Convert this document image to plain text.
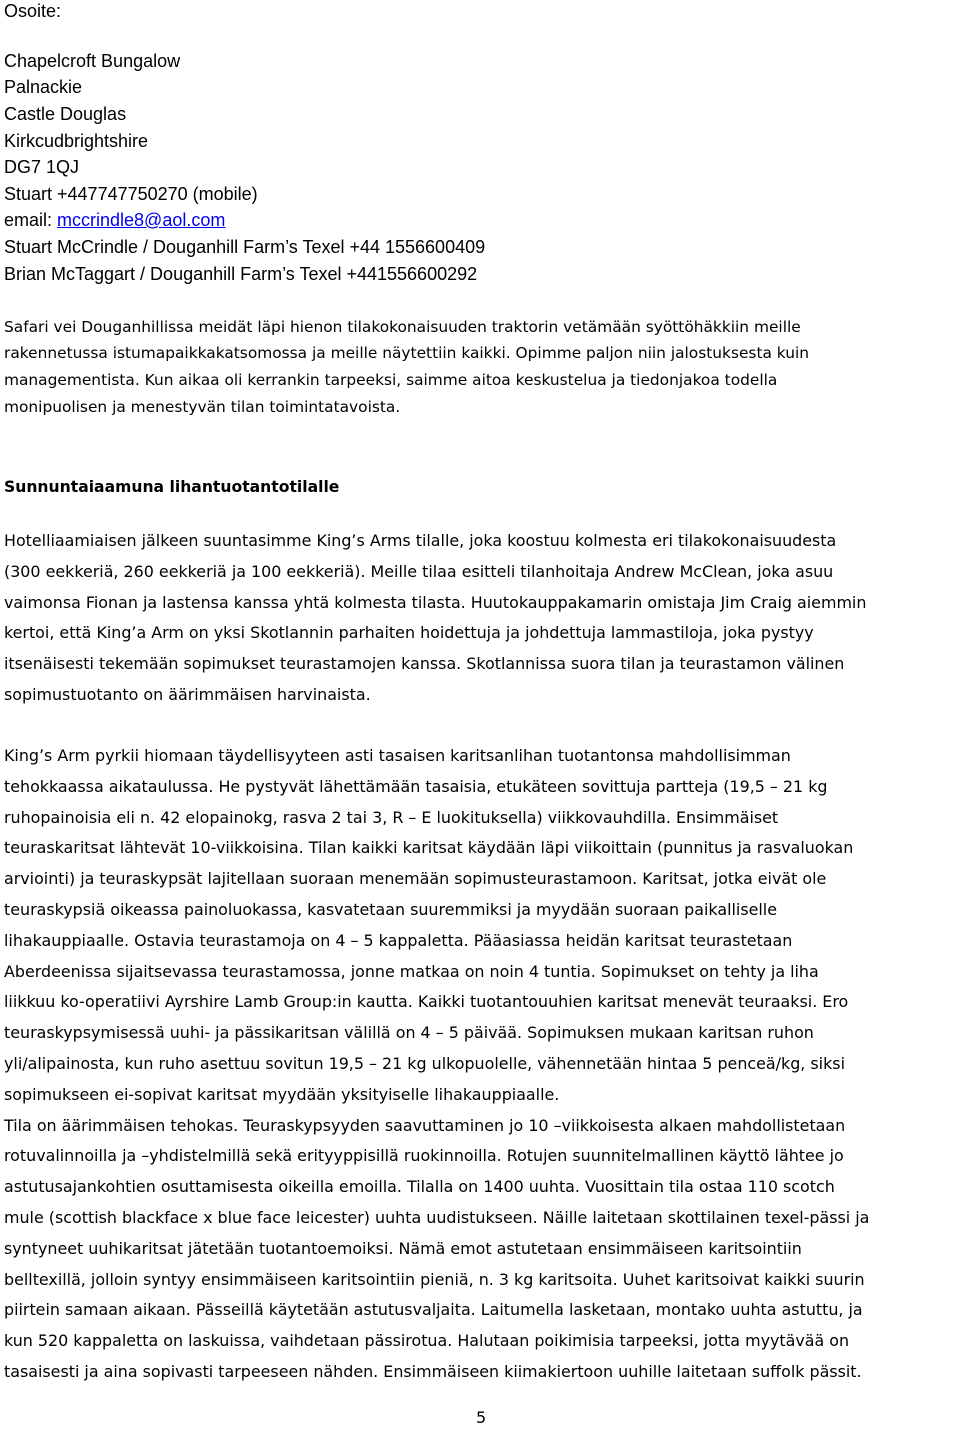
Osoite:
Chapelcroft Bungalow
Palnackie
Castle Douglas
Kirkcudbrightshire
DG7 1QJ
Stuart +447747750270 (mobile)
email: mccrindle8@aol.com
Stuart McCrindle / Douganhill Farm’s Texel +44 1556600409
Brian McTaggart / Douganhill Farm’s Texel +441556600292
Safari vei Douganhillissa meidät läpi hienon tilakokonaisuuden traktorin vetämään syöttöhäkkiin meille
rakennetussa istumapaikkakatsomossa ja meille näytettiin kaikki. Opimme paljon niin jalostuksesta kuin
managementista. Kun aikaa oli kerrankin tarpeeksi, saimme aitoa keskustelua ja tiedonjakoa todella
monipuolisen ja menestyvän tilan toimintatavoista.
Sunnuntaiaamuna lihantuotantotilalle
Hotelliaamiaisen jälkeen suuntasimme King’s Arms tilalle, joka koostuu kolmesta eri tilakokonaisuudesta
(300 eekkeriä, 260 eekkeriä ja 100 eekkeriä). Meille tilaa esitteli tilanhoitaja Andrew McClean, joka asuu
vaimonsa Fionan ja lastensa kanssa yhtä kolmesta tilasta. Huutokauppakamarin omistaja Jim Craig aiemmin
kertoi, että King’a Arm on yksi Skotlannin parhaiten hoidettuja ja johdettuja lammastiloja, joka pystyy
itsenäisesti tekemään sopimukset teurastamojen kanssa. Skotlannissa suora tilan ja teurastamon välinen
sopimustuotanto on äärimmäisen harvinaista.
King’s Arm pyrkii hiomaan täydellisyyteen asti tasaisen karitsanlihan tuotantonsa mahdollisimman
tehokkaassa aikataulussa. He pystyvät lähettämään tasaisia, etukäteen sovittuja partteja (19,5 – 21 kg
ruhopainoisia eli n. 42 elopainokg, rasva 2 tai 3, R – E luokituksella) viikkovauhdilla. Ensimmäiset
teuraskaritsat lähtevät 10-viikkoisina. Tilan kaikki karitsat käydään läpi viikoittain (punnitus ja rasvaluokan
arviointi) ja teuraskypsät lajitellaan suoraan menemään sopimusteurastamoon. Karitsat, jotka eivät ole
teuraskypsiä oikeassa painoluokassa, kasvatetaan suuremmiksi ja myydään suoraan paikalliselle
lihakauppiaalle. Ostavia teurastamoja on 4 – 5 kappaletta. Pääasiassa heidän karitsat teurastetaan
Aberdeenissa sijaitsevassa teurastamossa, jonne matkaa on noin 4 tuntia. Sopimukset on tehty ja liha
liikkuu ko-operatiivi Ayrshire Lamb Group:in kautta. Kaikki tuotantouuhien karitsat menevät teuraaksi. Ero
teuraskypsymisessä uuhi- ja pässikaritsan välillä on 4 – 5 päivää. Sopimuksen mukaan karitsan ruhon
yli/alipainosta, kun ruho asettuu sovitun 19,5 – 21 kg ulkopuolelle, vähennetään hintaa 5 penceä/kg, siksi
sopimukseen ei-sopivat karitsat myydään yksityiselle lihakauppiaalle.
Tila on äärimmäisen tehokas. Teuraskypsyyden saavuttaminen jo 10 –viikkoisesta alkaen mahdollistetaan
rotuvalinnoilla ja –yhdistelmillä sekä erityyppisillä ruokinnoilla. Rotujen suunnitelmallinen käyttö lähtee jo
astutusajankohtien osuttamisesta oikeilla emoilla. Tilalla on 1400 uuhta. Vuosittain tila ostaa 110 scotch
mule (scottish blackface x blue face leicester) uuhta uudistukseen. Näille laitetaan skottilainen texel-pässi ja
syntyneet uuhikaritsat jätetään tuotantoemoiksi. Nämä emot astutetaan ensimmäiseen karitsointiin
belltexillä, jolloin syntyy ensimmäiseen karitsointiin pieniä, n. 3 kg karitsoita. Uuhet karitsoivat kaikki suurin
piirtein samaan aikaan. Pässeillä käytetään astutusvaljaita. Laitumella lasketaan, montako uuhta astuttu, ja
kun 520 kappaletta on laskuissa, vaihdetaan pässirotua. Halutaan poikimisia tarpeeksi, jotta myytävää on
tasaisesti ja aina sopivasti tarpeeseen nähden. Ensimmäiseen kiimakiertoon uuhille laitetaan suffolk pässit.
5
